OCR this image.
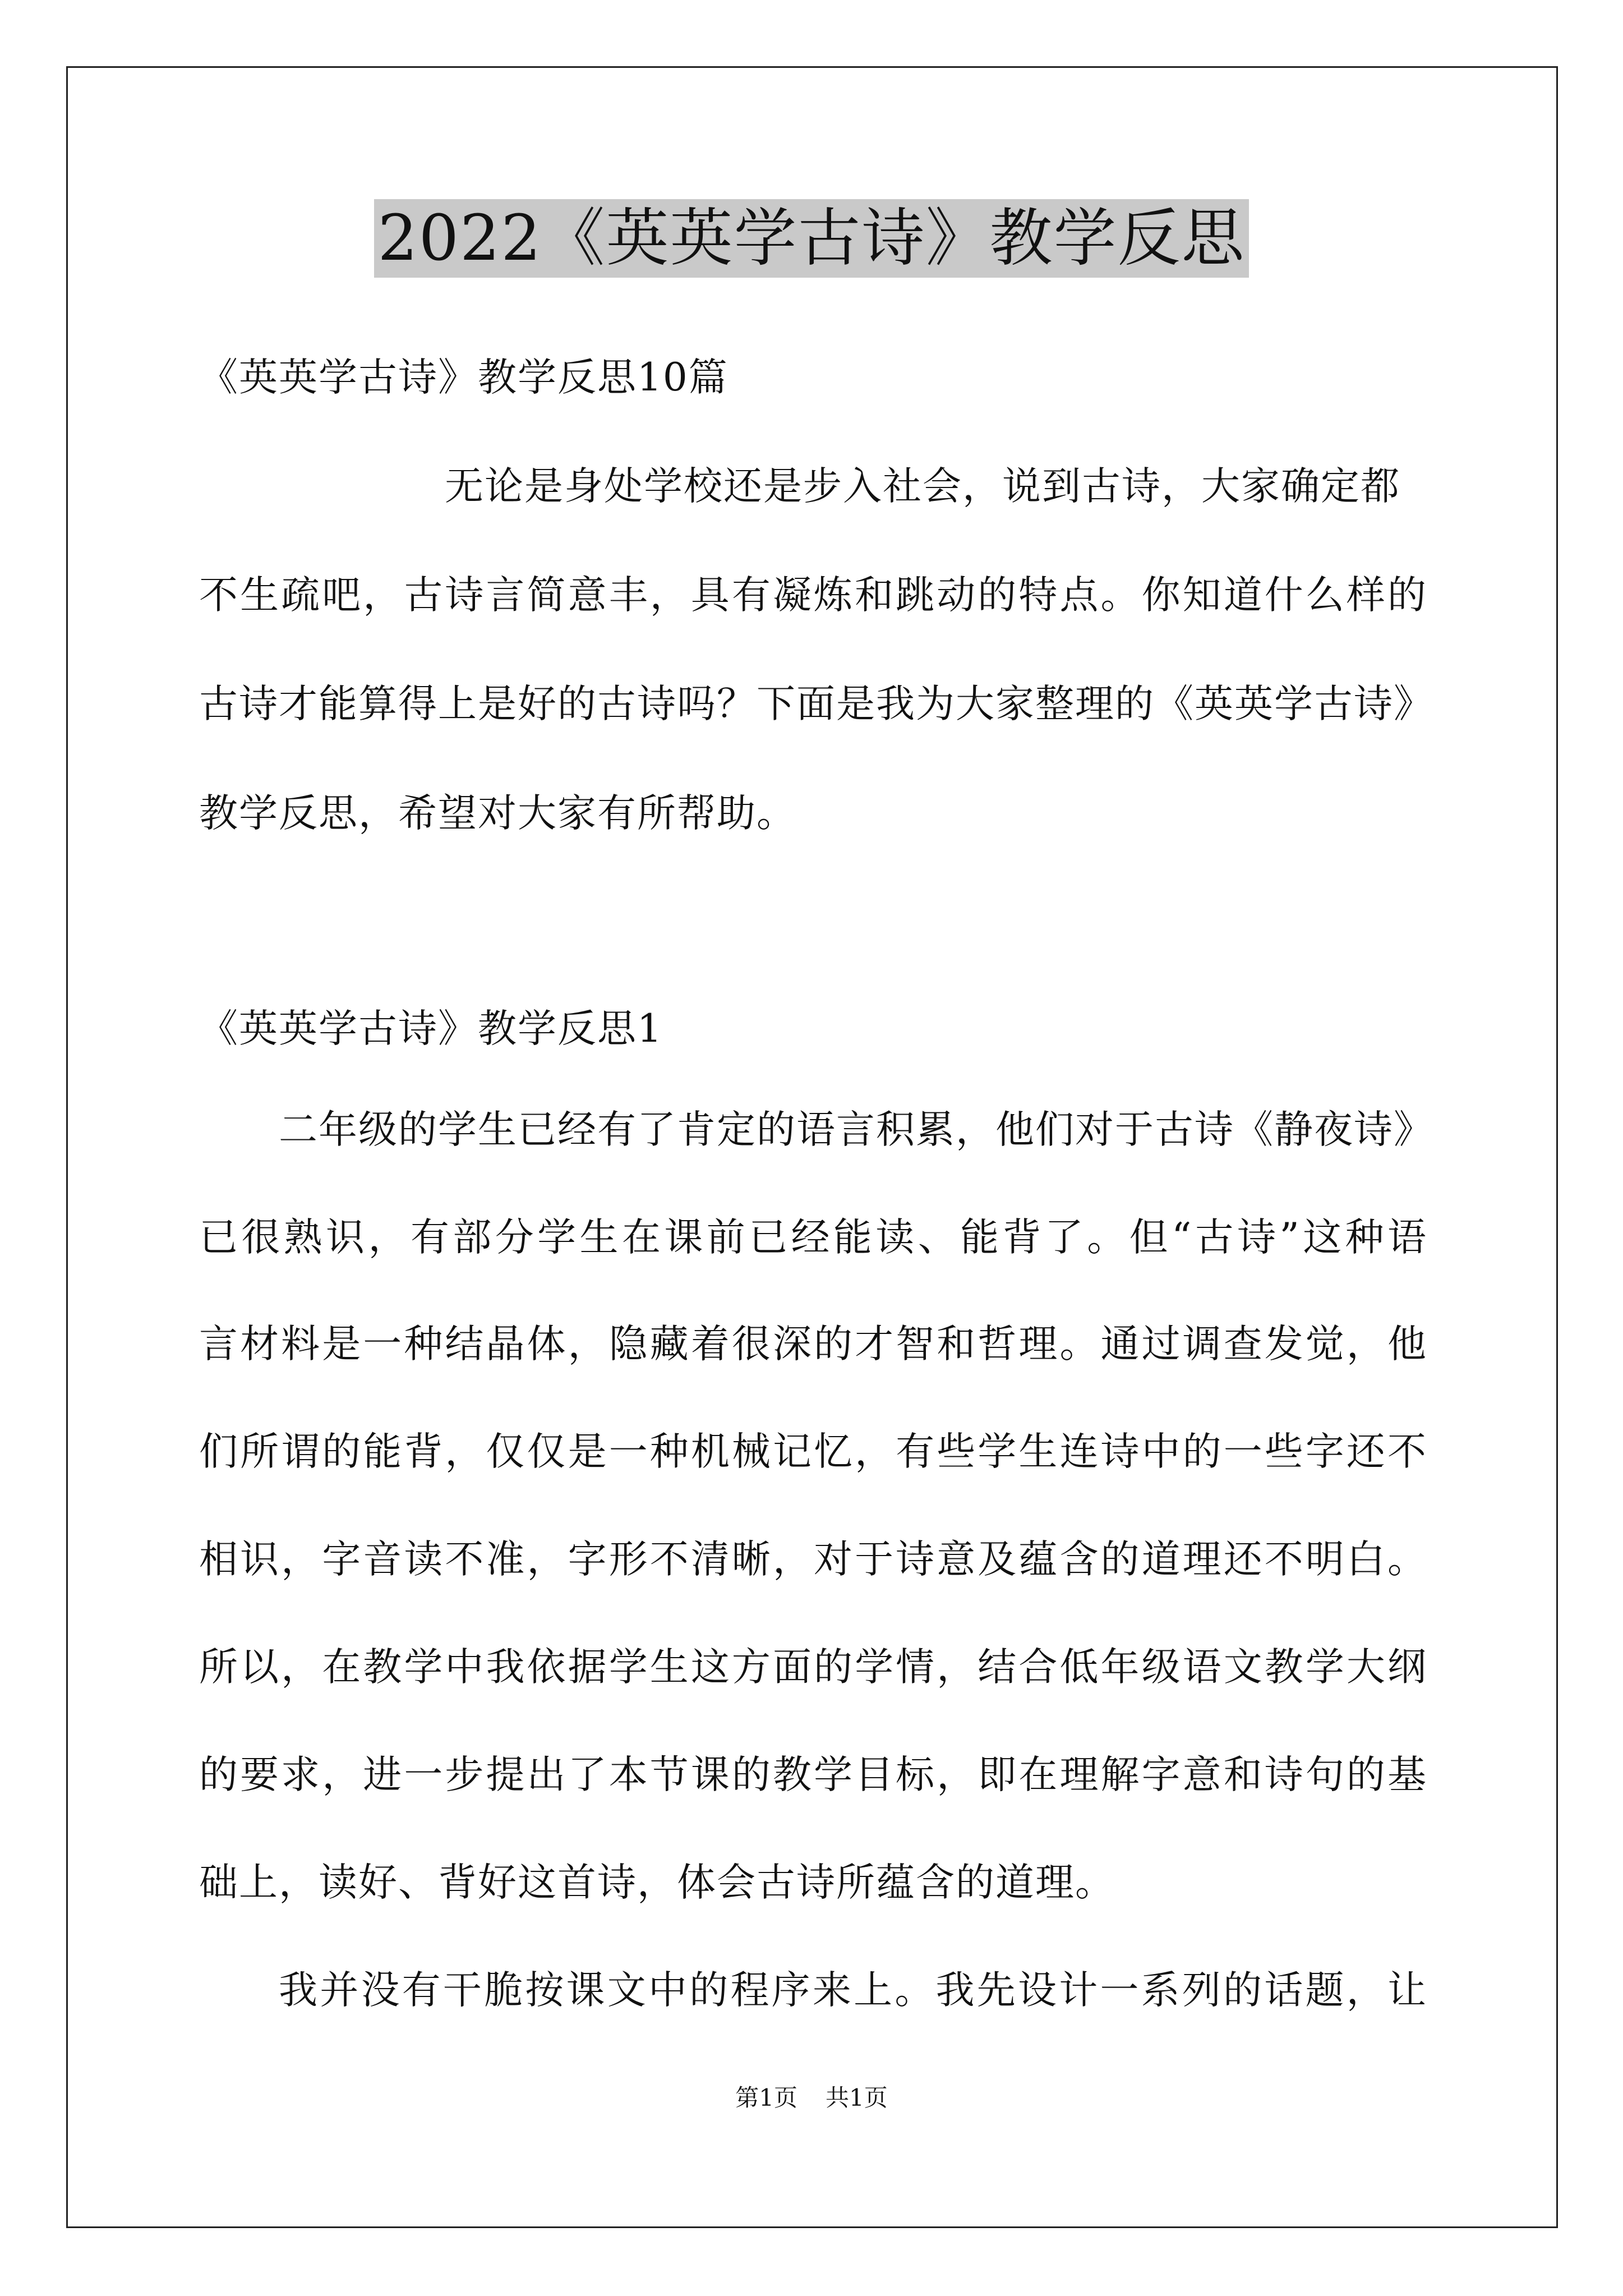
2022《英英学古诗》教学反思
《英英学古诗》教学反思10篇
无论是身处学校还是步入社会，说到古诗，大家确定都
不生疏吧，古诗言简意丰，具有凝炼和跳动的特点。你知道什么样的
古诗才能算得上是好的古诗吗？下面是我为大家整理的《英英学古诗》
教学反思，希望对大家有所帮助。
《英英学古诗》教学反思1
二年级的学生已经有了肯定的语言积累，他们对于古诗《静夜诗》
已很熟识，有部分学生在课前已经能读、能背了。但“古诗”这种语
言材料是一种结晶体，隐藏着很深的才智和哲理。通过调查发觉，他
们所谓的能背，仅仅是一种机械记忆，有些学生连诗中的一些字还不
相识，字音读不准，字形不清晰，对于诗意及蕴含的道理还不明白。
所以，在教学中我依据学生这方面的学情，结合低年级语文教学大纲
的要求，进一步提出了本节课的教学目标，即在理解字意和诗句的基
础上，读好、背好这首诗，体会古诗所蕴含的道理。
我并没有干脆按课文中的程序来上。我先设计一系列的话题，让
第1页 共1页
